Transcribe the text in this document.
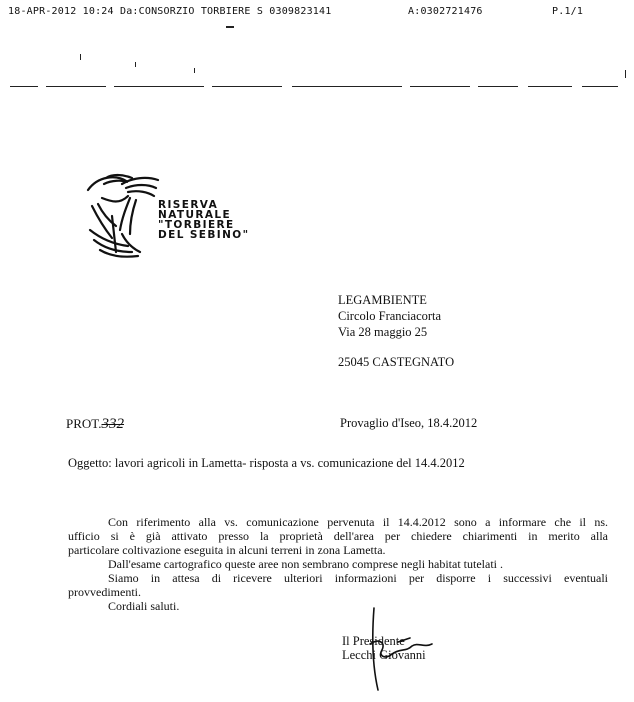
18-APR-2012 10:24 Da:CONSORZIO TORBIERE S 0309823141	A:0302721476	P.1/1
RISERVA
NATURALE
"TORBIERE
DEL SEBINO"
LEGAMBIENTE
Circolo Franciacorta
Via 28 maggio 25
25045 CASTEGNATO
PROT.332	Provaglio d'Iseo, 18.4.2012
Oggetto: lavori agricoli in Lametta- risposta a vs. comunicazione del 14.4.2012
Con riferimento alla vs. comunicazione pervenuta il 14.4.2012 sono a informare che il ns.
ufficio si è già attivato presso la proprietà dell'area per chiedere chiarimenti in merito alla
particolare coltivazione eseguita in alcuni terreni in zona Lametta.
Dall'esame cartografico queste aree non sembrano comprese negli habitat tutelati .
Siamo in attesa di ricevere ulteriori informazioni per disporre i successivi eventuali
provvedimenti.
Cordiali saluti.
Il Presidente
Lecchi Giovanni
